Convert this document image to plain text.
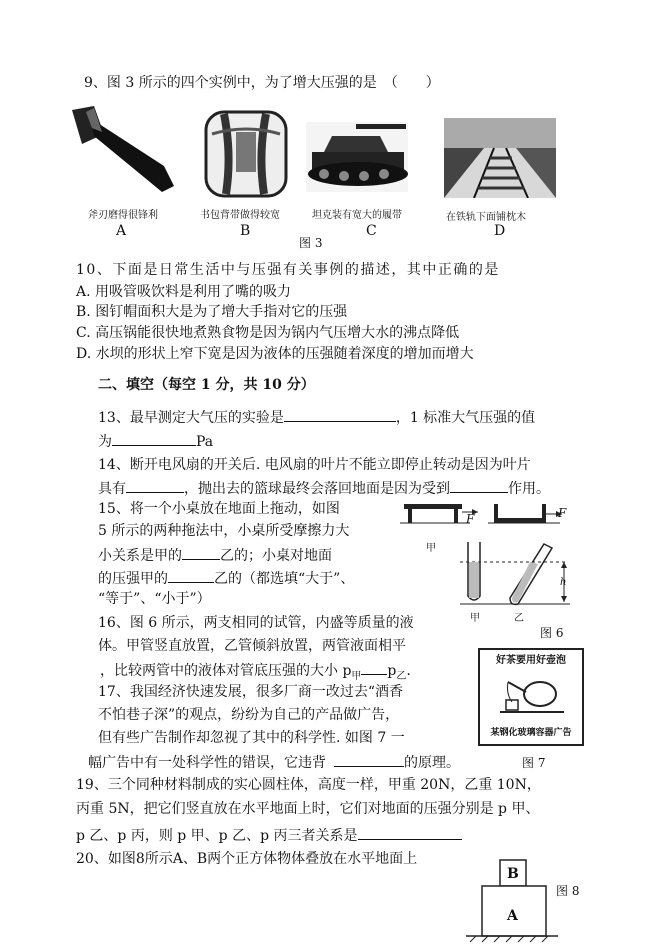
9、图 3 所示的四个实例中，为了增大压强的是　（　　）
斧刃磨得很锋利	书包背带做得较宽	坦克装有宽大的履带	在铁轨下面铺枕木
A	B	C	D
图 3
10、下面是日常生活中与压强有关事例的描述，其中正确的是
A. 用吸管吸饮料是利用了嘴的吸力
B. 图钉帽面积大是为了增大手指对它的压强
C. 高压锅能很快地煮熟食物是因为锅内气压增大水的沸点降低
D. 水坝的形状上窄下宽是因为液体的压强随着深度的增加而增大
二、填空（每空 1 分，共 10 分）
13、最早测定大气压的实验是	，1 标准大气压强的值
为	Pa
14、断开电风扇的开关后. 电风扇的叶片不能立即停止转动是因为叶片
具有	，抛出去的篮球最终会落回地面是因为受到	作用。
15、将一个小桌放在地面上拖动，如图
5 所示的两种拖法中，小桌所受摩擦力大
小关系是甲的	乙的；小桌对地面
的压强甲的	乙的（都选填“大于”、
“等于”、“小于”）
F	F
甲
h
甲	乙
图 6
16、图 6 所示，两支相同的试管，内盛等质量的液
体。甲管竖直放置，乙管倾斜放置，两管液面相平
，比较两管中的液体对管底压强的大小 $p_甲$ $p_乙$.
好茶要用好壶泡
某钢化玻璃容器广告
17、我国经济快速发展，很多厂商一改过去“酒香
不怕巷子深”的观点，纷纷为自己的产品做广告，
但有些广告制作却忽视了其中的科学性. 如图 7 一
幅广告中有一处科学性的错误，它违背	的原理。	图 7
19、三个同种材料制成的实心圆柱体，高度一样，甲重 20N，乙重 10N，
丙重 5N，把它们竖直放在水平地面上时，它们对地面的压强分别是 p 甲、
p 乙、p 丙，则 p 甲、p 乙、p 丙三者关系是
20、如图8所示A、B两个正方体物体叠放在水平地面上
B
A
图 8
